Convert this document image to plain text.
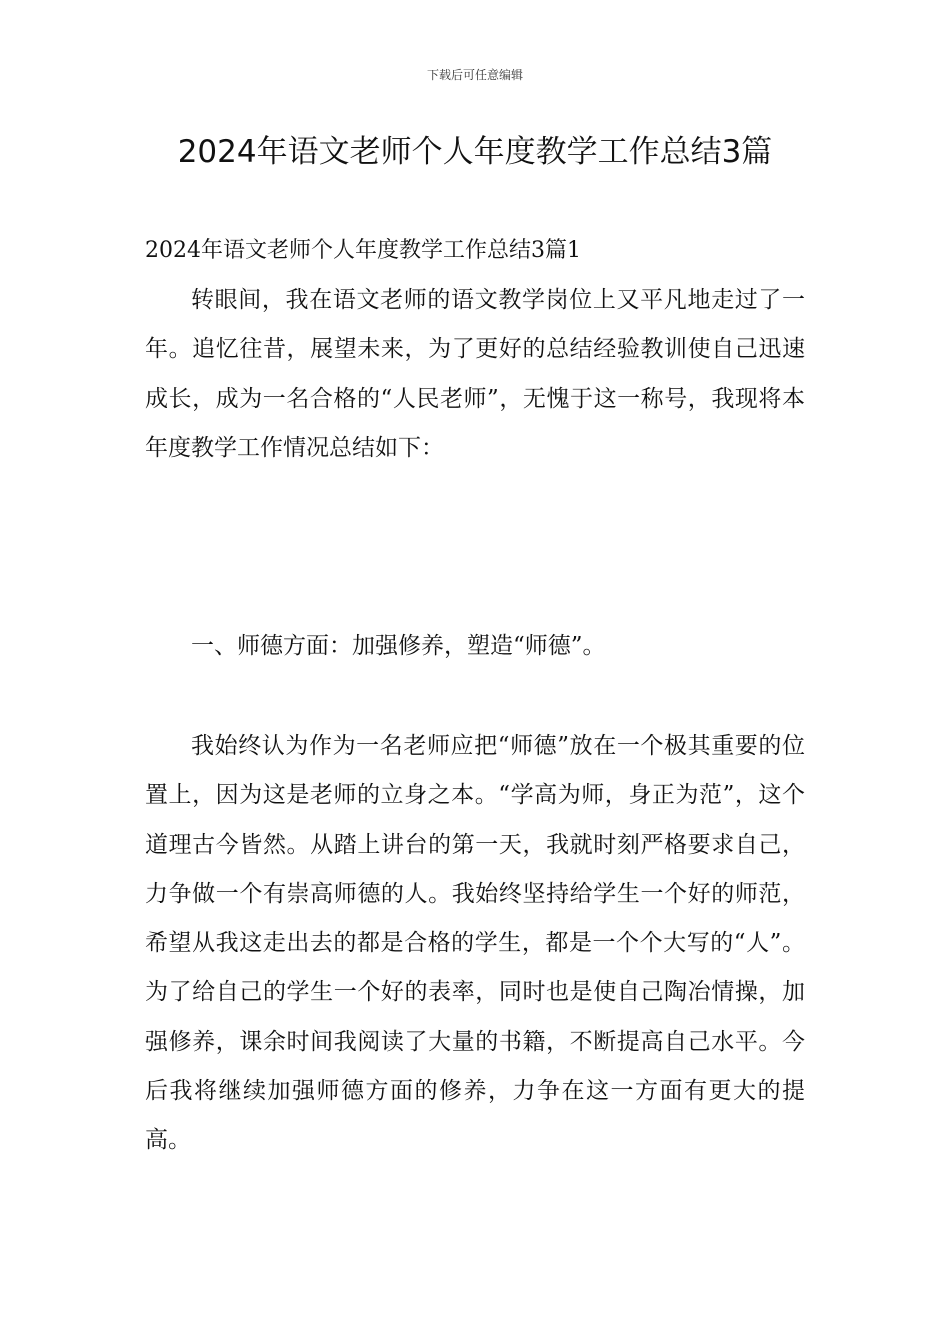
下载后可任意编辑
2024年语文老师个人年度教学工作总结3篇
2024年语文老师个人年度教学工作总结3篇1

转眼间，我在语文老师的语文教学岗位上又平凡地走过了一年。追忆往昔，展望未来，为了更好的总结经验教训使自己迅速成长，成为一名合格的“人民老师”，无愧于这一称号，我现将本年度教学工作情况总结如下：

一、师德方面：加强修养，塑造“师德”。

我始终认为作为一名老师应把“师德”放在一个极其重要的位置上，因为这是老师的立身之本。“学高为师，身正为范”，这个道理古今皆然。从踏上讲台的第一天，我就时刻严格要求自己，力争做一个有崇高师德的人。我始终坚持给学生一个好的师范，希望从我这走出去的都是合格的学生，都是一个个大写的“人”。为了给自己的学生一个好的表率，同时也是使自己陶冶情操，加强修养，课余时间我阅读了大量的书籍，不断提高自己水平。今后我将继续加强师德方面的修养，力争在这一方面有更大的提高。
